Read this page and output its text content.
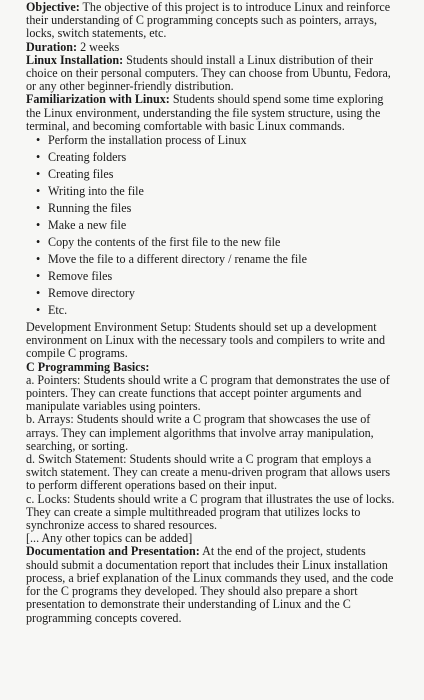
Objective: The objective of this project is to introduce Linux and reinforce their understanding of C programming concepts such as pointers, arrays, locks, switch statements, etc.

Duration: 2 weeks

Linux Installation: Students should install a Linux distribution of their choice on their personal computers. They can choose from Ubuntu, Fedora, or any other beginner-friendly distribution.

Familiarization with Linux: Students should spend some time exploring the Linux environment, understanding the file system structure, using the terminal, and becoming comfortable with basic Linux commands.

• Perform the installation process of Linux
• Creating folders
• Creating files
• Writing into the file
• Running the files
• Make a new file
• Copy the contents of the first file to the new file
• Move the file to a different directory / rename the file
• Remove files
• Remove directory
• Etc.

Development Environment Setup: Students should set up a development environment on Linux with the necessary tools and compilers to write and compile C programs.

C Programming Basics:

a. Pointers: Students should write a C program that demonstrates the use of pointers. They can create functions that accept pointer arguments and manipulate variables using pointers.

b. Arrays: Students should write a C program that showcases the use of arrays. They can implement algorithms that involve array manipulation, searching, or sorting.

d. Switch Statement: Students should write a C program that employs a switch statement. They can create a menu-driven program that allows users to perform different operations based on their input.

c. Locks: Students should write a C program that illustrates the use of locks. They can create a simple multithreaded program that utilizes locks to synchronize access to shared resources.

[... Any other topics can be added]

Documentation and Presentation: At the end of the project, students should submit a documentation report that includes their Linux installation process, a brief explanation of the Linux commands they used, and the code for the C programs they developed. They should also prepare a short presentation to demonstrate their understanding of Linux and the C programming concepts covered.
